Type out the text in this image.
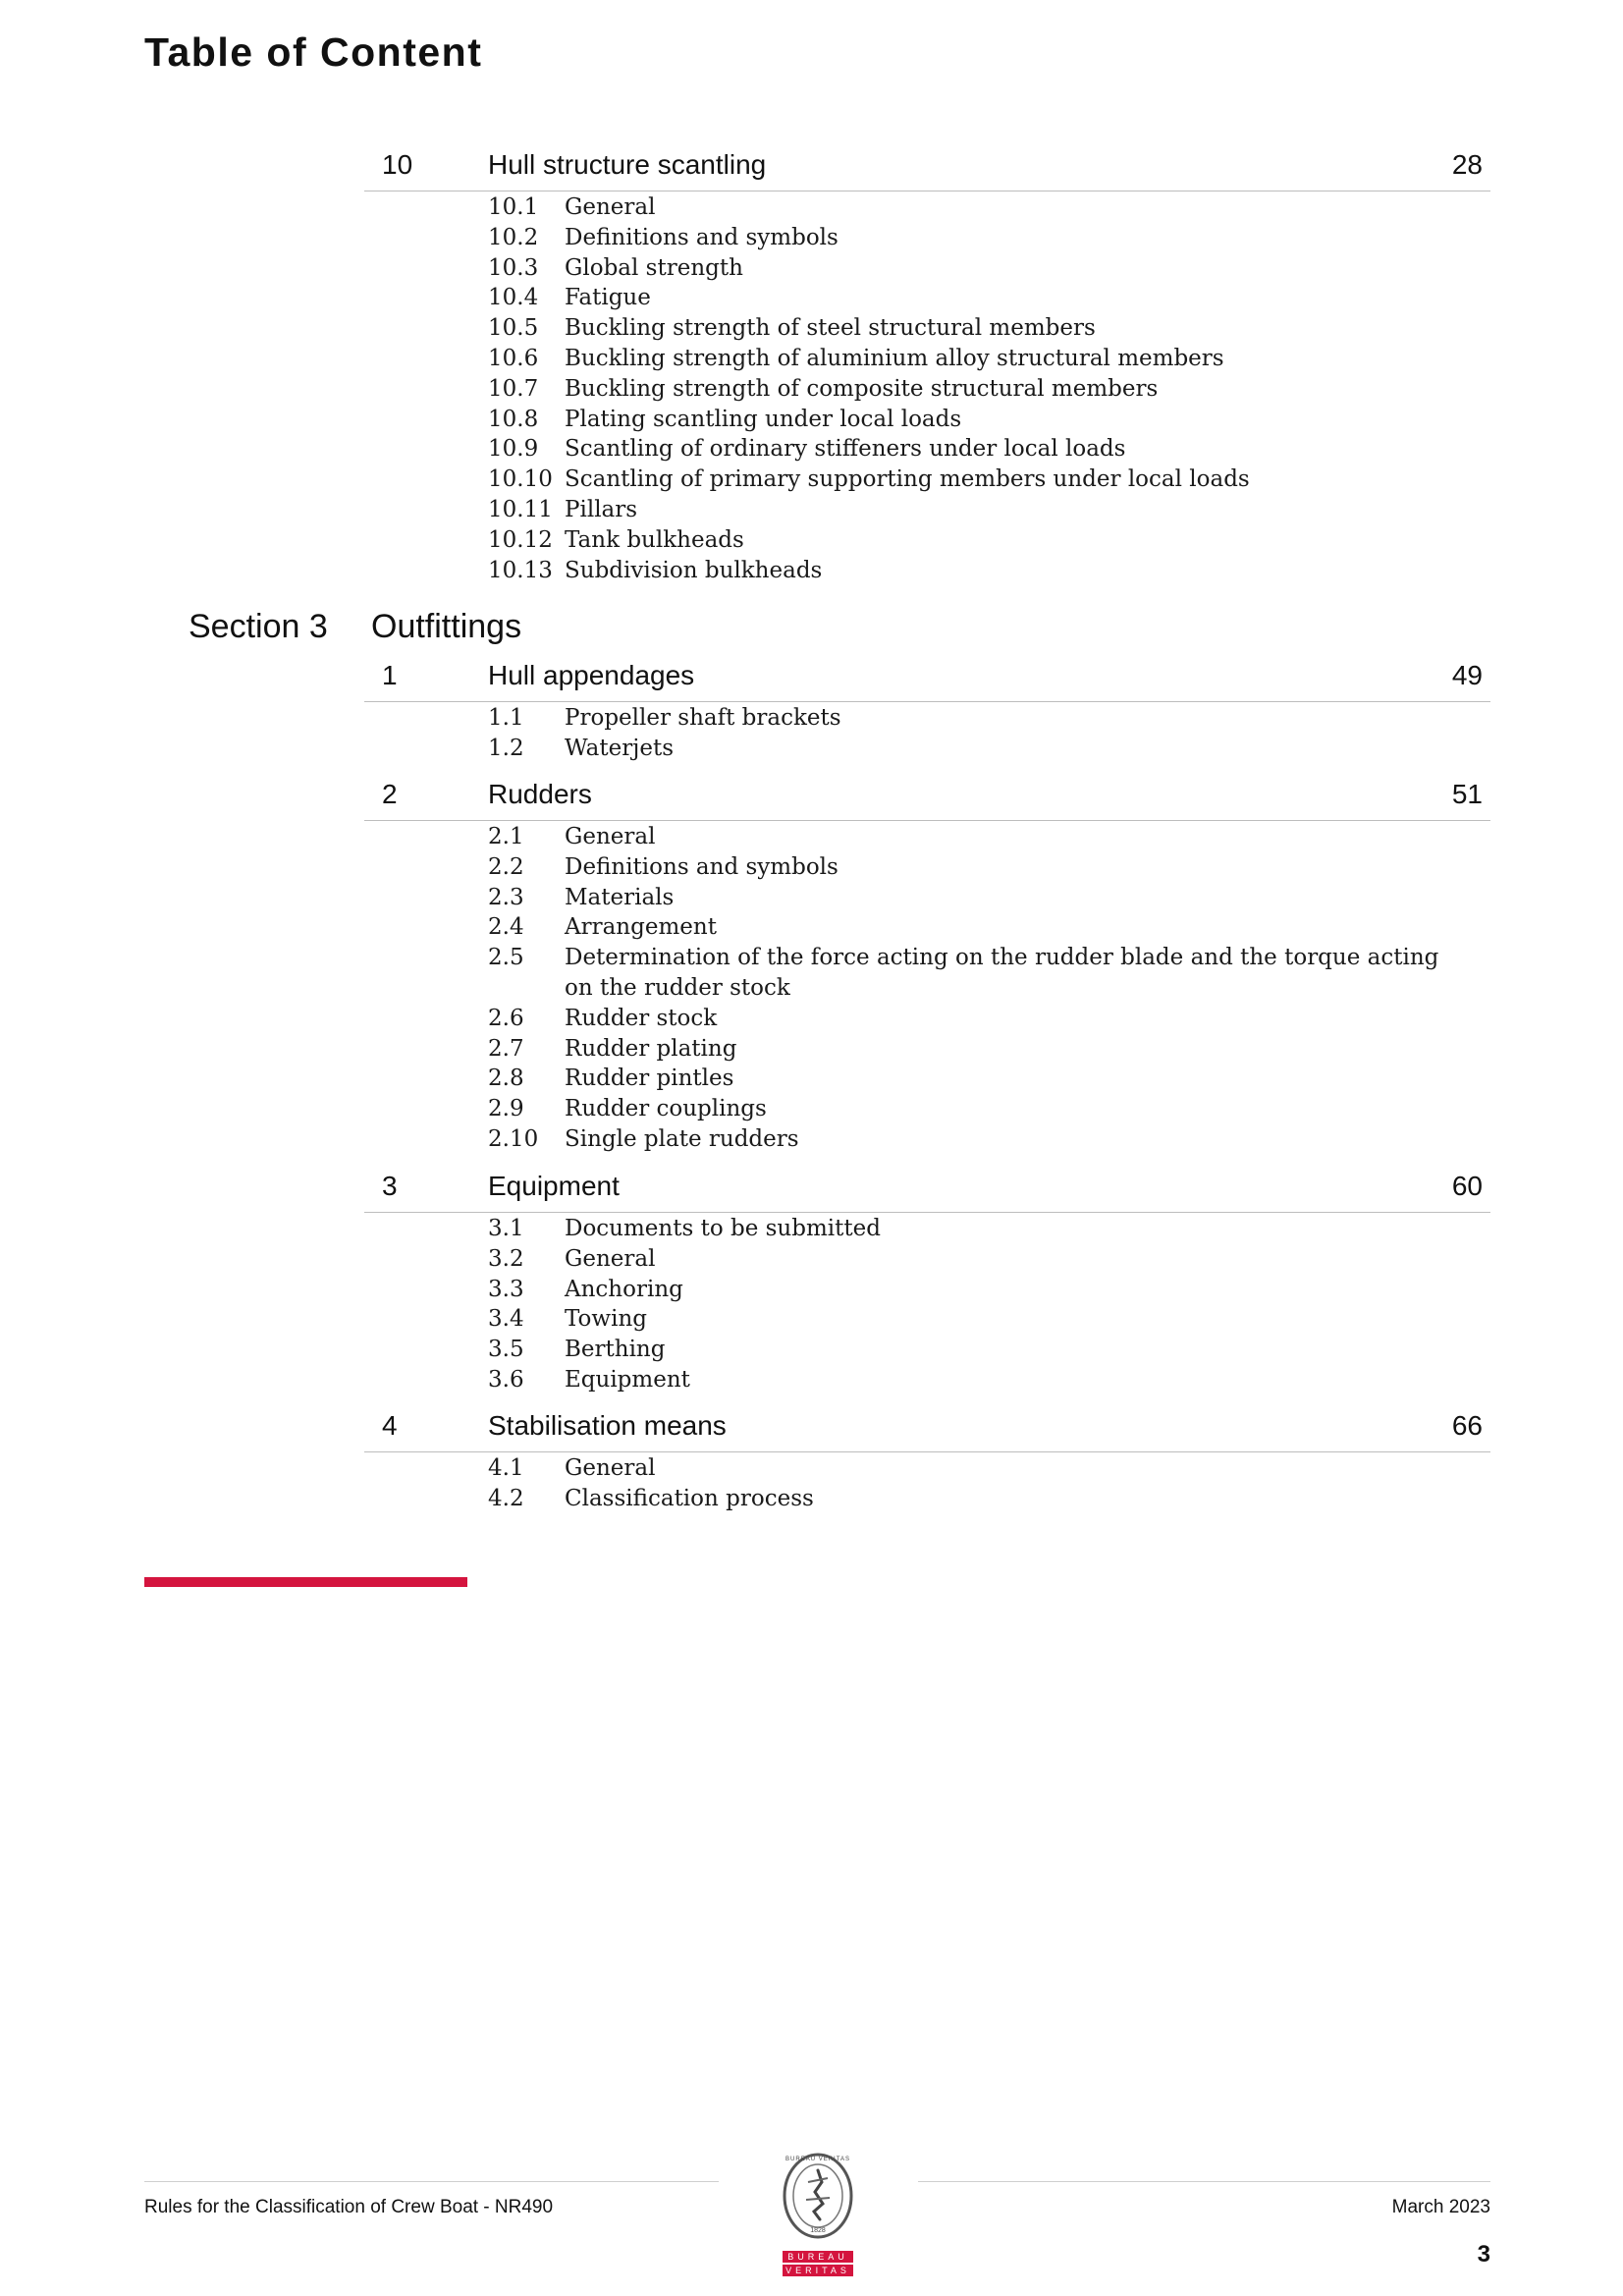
Table of Content
10	Hull structure scantling	28
10.1 General
10.2 Definitions and symbols
10.3 Global strength
10.4 Fatigue
10.5 Buckling strength of steel structural members
10.6 Buckling strength of aluminium alloy structural members
10.7 Buckling strength of composite structural members
10.8 Plating scantling under local loads
10.9 Scantling of ordinary stiffeners under local loads
10.10 Scantling of primary supporting members under local loads
10.11 Pillars
10.12 Tank bulkheads
10.13 Subdivision bulkheads
Section 3 Outfittings
1	Hull appendages	49
1.1 Propeller shaft brackets
1.2 Waterjets
2	Rudders	51
2.1 General
2.2 Definitions and symbols
2.3 Materials
2.4 Arrangement
2.5 Determination of the force acting on the rudder blade and the torque acting on the rudder stock
2.6 Rudder stock
2.7 Rudder plating
2.8 Rudder pintles
2.9 Rudder couplings
2.10 Single plate rudders
3	Equipment	60
3.1 Documents to be submitted
3.2 General
3.3 Anchoring
3.4 Towing
3.5 Berthing
3.6 Equipment
4	Stabilisation means	66
4.1 General
4.2 Classification process
Rules for the Classification of Crew Boat - NR490	March 2023
3
BUREAU
VERITAS
BUREAU VERITAS
1828
